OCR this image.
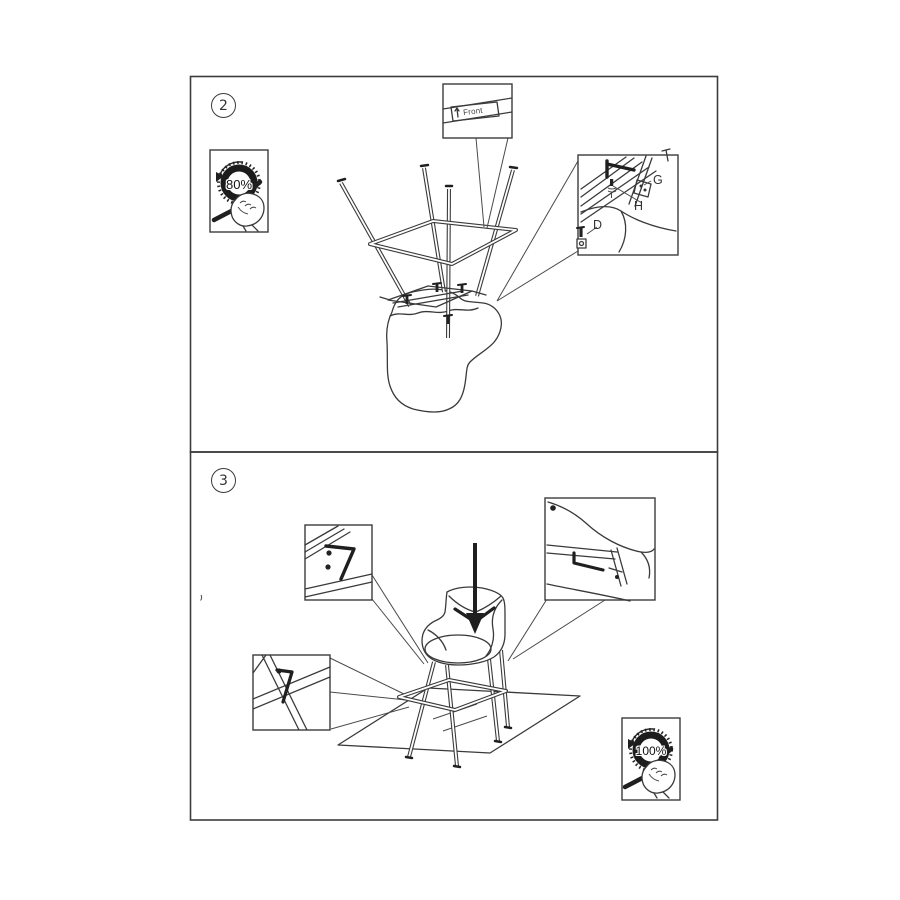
2
80%
Front
G
H
D
3
100%
